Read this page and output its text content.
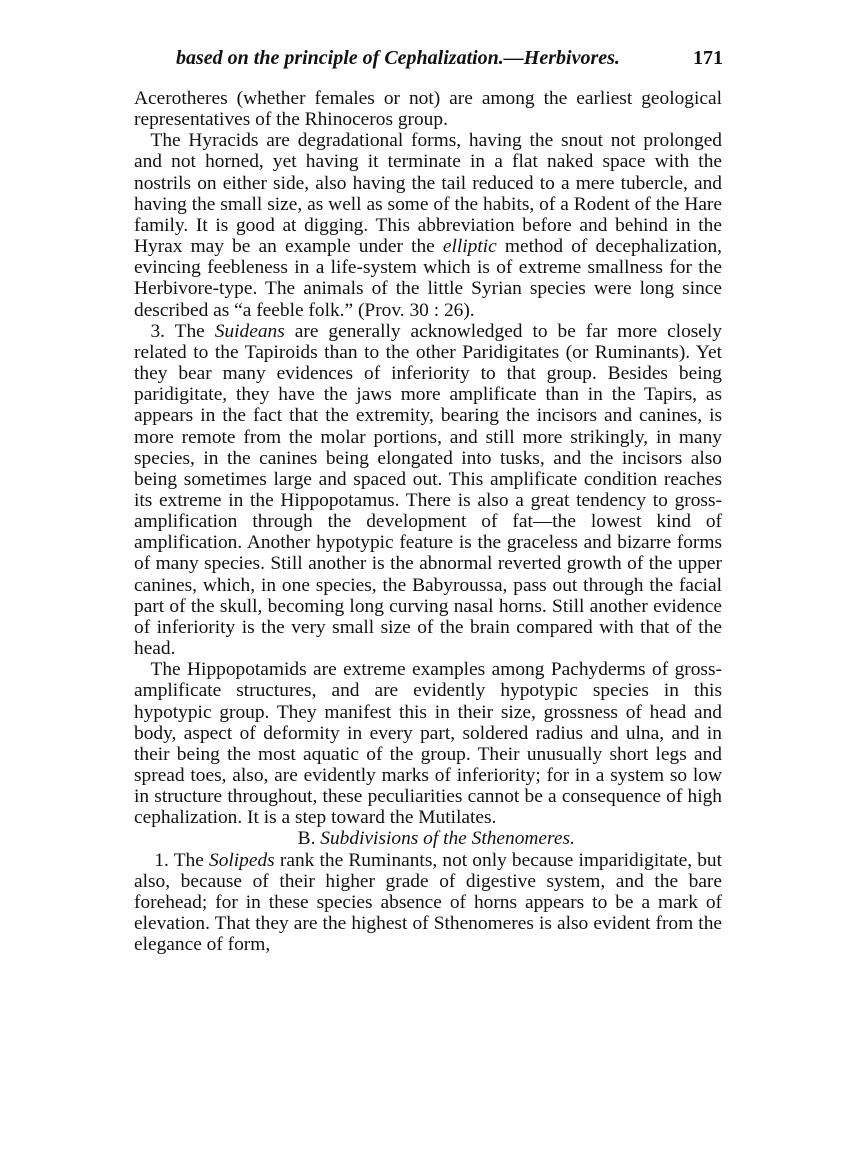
based on the principle of Cephalization.—Herbivores.	171

Acerotheres (whether females or not) are among the earliest geological representatives of the Rhinoceros group.

The Hyracids are degradational forms, having the snout not prolonged and not horned, yet having it terminate in a flat naked space with the nostrils on either side, also having the tail reduced to a mere tubercle, and having the small size, as well as some of the habits, of a Rodent of the Hare family. It is good at digging. This abbreviation before and behind in the Hyrax may be an example under the elliptic method of decephalization, evincing feebleness in a life-system which is of extreme smallness for the Herbivore-type. The animals of the little Syrian species were long since described as “a feeble folk.” (Prov. 30 : 26).

3. The Suideans are generally acknowledged to be far more closely related to the Tapiroids than to the other Paridigitates (or Ruminants). Yet they bear many evidences of inferiority to that group. Besides being paridigitate, they have the jaws more amplificate than in the Tapirs, as appears in the fact that the extremity, bearing the incisors and canines, is more remote from the molar portions, and still more strikingly, in many species, in the canines being elongated into tusks, and the incisors also being sometimes large and spaced out. This amplificate condition reaches its extreme in the Hippopotamus. There is also a great tendency to gross-amplification through the development of fat—the lowest kind of amplification. Another hypotypic feature is the graceless and bizarre forms of many species. Still another is the abnormal reverted growth of the upper canines, which, in one species, the Babyroussa, pass out through the facial part of the skull, becoming long curving nasal horns. Still another evidence of inferiority is the very small size of the brain compared with that of the head.

The Hippopotamids are extreme examples among Pachyderms of gross-amplificate structures, and are evidently hypotypic species in this hypotypic group. They manifest this in their size, grossness of head and body, aspect of deformity in every part, soldered radius and ulna, and in their being the most aquatic of the group. Their unusually short legs and spread toes, also, are evidently marks of inferiority; for in a system so low in structure throughout, these peculiarities cannot be a consequence of high cephalization. It is a step toward the Mutilates.

B. Subdivisions of the Sthenomeres.

1. The Solipeds rank the Ruminants, not only because imparidigitate, but also, because of their higher grade of digestive system, and the bare forehead; for in these species absence of horns appears to be a mark of elevation. That they are the highest of Sthenomeres is also evident from the elegance of form,
